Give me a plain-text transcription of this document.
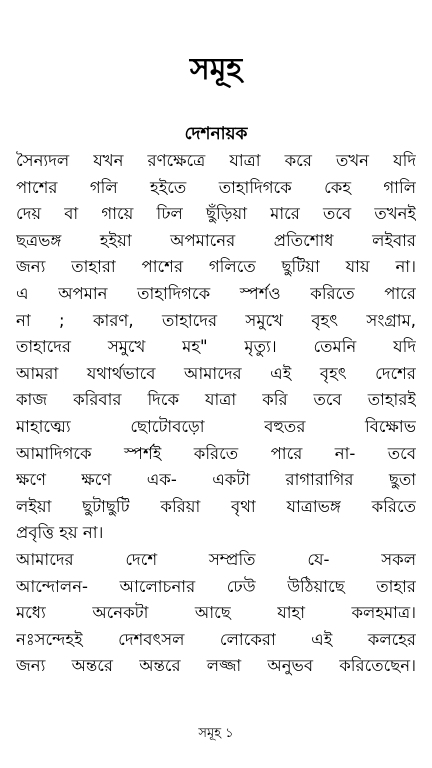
সমূহ
দেশনায়ক
সৈন্যদল যখন রণক্ষেত্রে যাত্রা করে তখন যদি
পাশের গলি হইতে তাহাদিগকে কেহ গালি
দেয় বা গায়ে ঢিল ছুঁড়িয়া মারে তবে তখনই
ছত্রভঙ্গ হইয়া অপমানের প্রতিশোধ লইবার
জন্য তাহারা পাশের গলিতে ছুটিয়া যায় না।
এ অপমান তাহাদিগকে স্পর্শও করিতে পারে
না ; কারণ, তাহাদের সমুখে বৃহৎ সংগ্রাম,
তাহাদের সমুখে মহ" মৃত্যু। তেমনি যদি
আমরা যথার্থভাবে আমাদের এই বৃহৎ দেশের
কাজ করিবার দিকে যাত্রা করি তবে তাহারই
মাহাত্ম্যে ছোটোবড়ো বহুতর বিক্ষোভ
আমাদিগকে স্পর্শই করিতে পারে না- তবে
ক্ষণে ক্ষণে এক- একটা রাগারাগির ছুতা
লইয়া ছুটাছুটি করিয়া বৃথা যাত্রাভঙ্গ করিতে
প্রবৃত্তি হয় না।
আমাদের দেশে সম্প্রতি যে- সকল
আন্দোলন- আলোচনার ঢেউ উঠিয়াছে তাহার
মধ্যে অনেকটা আছে যাহা কলহমাত্র।
নঃসন্দেহই দেশবৎসল লোকেরা এই কলহের
জন্য অন্তরে অন্তরে লজ্জা অনুভব করিতেছেন।
সমূহ ১
